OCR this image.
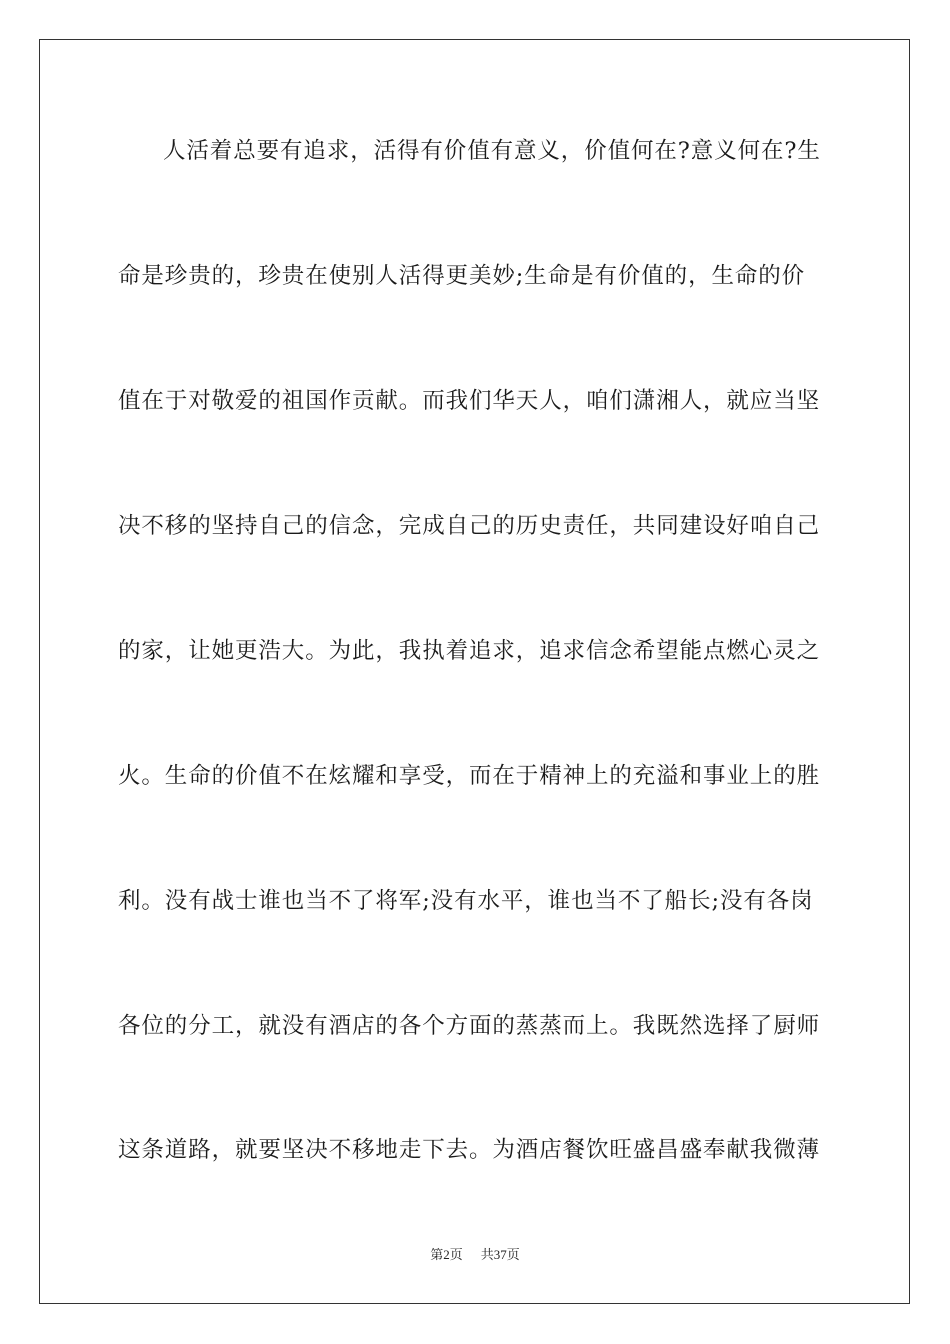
人活着总要有追求，活得有价值有意义，价值何在?意义何在?生
命是珍贵的，珍贵在使别人活得更美妙;生命是有价值的，生命的价
值在于对敬爱的祖国作贡献。而我们华天人，咱们潇湘人，就应当坚
决不移的坚持自己的信念，完成自己的历史责任，共同建设好咱自己
的家，让她更浩大。为此，我执着追求，追求信念希望能点燃心灵之
火。生命的价值不在炫耀和享受，而在于精神上的充溢和事业上的胜
利。没有战士谁也当不了将军;没有水平，谁也当不了船长;没有各岗
各位的分工，就没有酒店的各个方面的蒸蒸而上。我既然选择了厨师
这条道路，就要坚决不移地走下去。为酒店餐饮旺盛昌盛奉献我微薄
第2页 共37页
